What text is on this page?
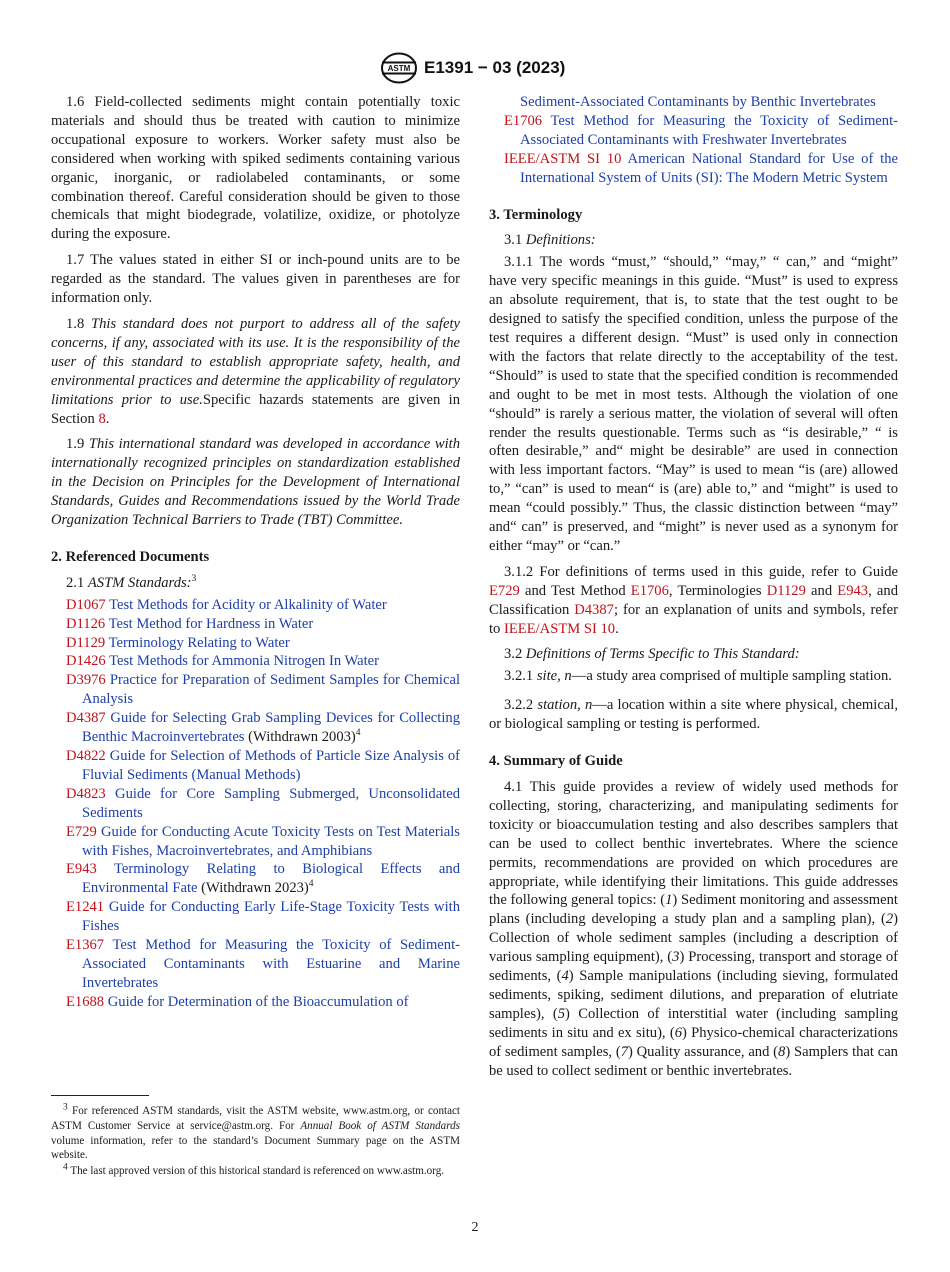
ASTM E1391 − 03 (2023)

1.6 Field-collected sediments might contain potentially toxic materials and should thus be treated with caution to minimize occupational exposure to workers. Worker safety must also be considered when working with spiked sediments containing various organic, inorganic, or radiolabeled contaminants, or some combination thereof. Careful consideration should be given to those chemicals that might biodegrade, volatilize, oxidize, or photolyze during the exposure.

1.7 The values stated in either SI or inch-pound units are to be regarded as the standard. The values given in parentheses are for information only.

1.8 This standard does not purport to address all of the safety concerns, if any, associated with its use. It is the responsibility of the user of this standard to establish appropriate safety, health, and environmental practices and determine the applicability of regulatory limitations prior to use.Specific hazards statements are given in Section 8.

1.9 This international standard was developed in accordance with internationally recognized principles on standardization established in the Decision on Principles for the Development of International Standards, Guides and Recommendations issued by the World Trade Organization Technical Barriers to Trade (TBT) Committee.

2. Referenced Documents
2.1 ASTM Standards:$^3$
D1067 Test Methods for Acidity or Alkalinity of Water
D1126 Test Method for Hardness in Water
D1129 Terminology Relating to Water
D1426 Test Methods for Ammonia Nitrogen In Water
D3976 Practice for Preparation of Sediment Samples for Chemical Analysis
D4387 Guide for Selecting Grab Sampling Devices for Collecting Benthic Macroinvertebrates (Withdrawn 2003)$^4$
D4822 Guide for Selection of Methods of Particle Size Analysis of Fluvial Sediments (Manual Methods)
D4823 Guide for Core Sampling Submerged, Unconsolidated Sediments
E729 Guide for Conducting Acute Toxicity Tests on Test Materials with Fishes, Macroinvertebrates, and Amphibians
E943 Terminology Relating to Biological Effects and Environmental Fate (Withdrawn 2023)$^4$
E1241 Guide for Conducting Early Life-Stage Toxicity Tests with Fishes
E1367 Test Method for Measuring the Toxicity of Sediment-Associated Contaminants with Estuarine and Marine Invertebrates
E1688 Guide for Determination of the Bioaccumulation of

$^3$ For referenced ASTM standards, visit the ASTM website, www.astm.org, or contact ASTM Customer Service at service@astm.org. For Annual Book of ASTM Standards volume information, refer to the standard’s Document Summary page on the ASTM website.

$^4$ The last approved version of this historical standard is referenced on www.astm.org.

Sediment-Associated Contaminants by Benthic Invertebrates
E1706 Test Method for Measuring the Toxicity of Sediment-Associated Contaminants with Freshwater Invertebrates
IEEE/ASTM SI 10 American National Standard for Use of the International System of Units (SI): The Modern Metric System
3. Terminology
3.1 Definitions:

3.1.1 The words “must,” “should,” “may,” “ can,” and “might” have very specific meanings in this guide. “Must” is used to express an absolute requirement, that is, to state that the test ought to be designed to satisfy the specified condition, unless the purpose of the test requires a different design. “Must” is used only in connection with the factors that relate directly to the acceptability of the test. “Should” is used to state that the specified condition is recommended and ought to be met in most tests. Although the violation of one “should” is rarely a serious matter, the violation of several will often render the results questionable. Terms such as “is desirable,” “ is often desirable,” and“ might be desirable” are used in connection with less important factors. “May” is used to mean “is (are) allowed to,” “can” is used to mean“ is (are) able to,” and “might” is used to mean “could possibly.” Thus, the classic distinction between “may” and“ can” is preserved, and “might” is never used as a synonym for either “may” or “can.”

3.1.2 For definitions of terms used in this guide, refer to Guide E729 and Test Method E1706, Terminologies D1129 and E943, and Classification D4387; for an explanation of units and symbols, refer to IEEE/ASTM SI 10.

3.2 Definitions of Terms Specific to This Standard:

3.2.1 site, n—a study area comprised of multiple sampling station.

3.2.2 station, n—a location within a site where physical, chemical, or biological sampling or testing is performed.

4. Summary of Guide

4.1 This guide provides a review of widely used methods for collecting, storing, characterizing, and manipulating sediments for toxicity or bioaccumulation testing and also describes samplers that can be used to collect benthic invertebrates. Where the science permits, recommendations are provided on which procedures are appropriate, while identifying their limitations. This guide addresses the following general topics: (1) Sediment monitoring and assessment plans (including developing a study plan and a sampling plan), (2) Collection of whole sediment samples (including a description of various sampling equipment), (3) Processing, transport and storage of sediments, (4) Sample manipulations (including sieving, formulated sediments, spiking, sediment dilutions, and preparation of elutriate samples), (5) Collection of interstitial water (including sampling sediments in situ and ex situ), (6) Physico-chemical characterizations of sediment samples, (7) Quality assurance, and (8) Samplers that can be used to collect sediment or benthic invertebrates.

2
